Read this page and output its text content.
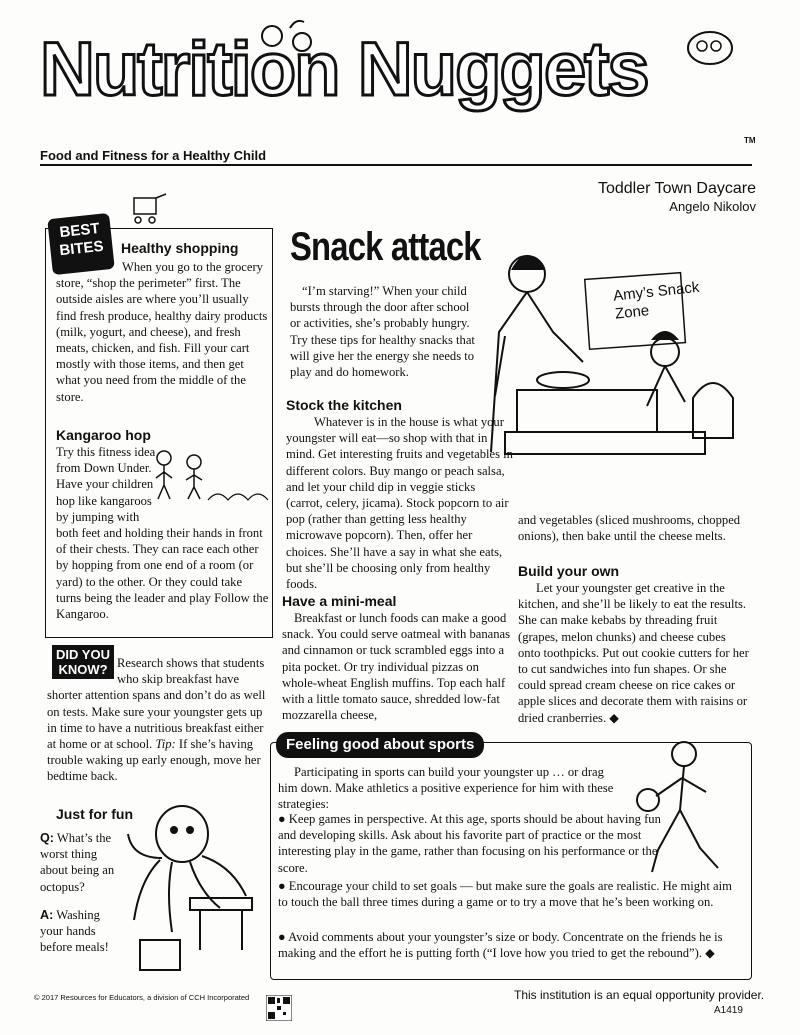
Nutrition Nuggets
Food and Fitness for a Healthy Child
TM
Toddler Town Daycare
Angelo Nikolov
BEST
BITES	Healthy shopping
When you go to the grocery store, “shop the perimeter” first. The outside aisles are where you’ll usually find fresh produce, healthy dairy products (milk, yogurt, and cheese), and fresh meats, chicken, and fish. Fill your cart mostly with those items, and then get what you need from the middle of the store.
Kangaroo hop
Try this fitness idea from Down Under. Have your children hop like kangaroos by jumping with both feet and holding their hands in front of their chests. They can race each other by hopping from one end of a room (or yard) to the other. Or they could take turns being the leader and play Follow the Kangaroo.
DID YOU
KNOW? Research shows that students who skip breakfast have shorter attention spans and don’t do as well on tests. Make sure your youngster gets up in time to have a nutritious breakfast either at home or at school. Tip: If she’s having trouble waking up early enough, move her bedtime back.
Just for fun
Q: What’s the worst thing about being an octopus?
A: Washing your hands before meals!
Snack attack
“I’m starving!” When your child bursts through the door after school or activities, she’s probably hungry. Try these tips for healthy snacks that will give her the energy she needs to play and do homework.
Amy’s Snack Zone
Stock the kitchen
Whatever is in the house is what your youngster will eat—so shop with that in mind. Get interesting fruits and vegetables in different colors. Buy mango or peach salsa, and let your child dip in veggie sticks (carrot, celery, jicama). Stock popcorn to air pop (rather than getting less healthy microwave popcorn). Then, offer her choices. She’ll have a say in what she eats, but she’ll be choosing only from healthy foods.
and vegetables (sliced mushrooms, chopped onions), then bake until the cheese melts.
Have a mini-meal
Breakfast or lunch foods can make a good snack. You could serve oatmeal with bananas and cinnamon or tuck scrambled eggs into a pita pocket. Or try individual pizzas on whole-wheat English muffins. Top each half with a little tomato sauce, shredded low-fat mozzarella cheese,
Build your own
Let your youngster get creative in the kitchen, and she’ll be likely to eat the results. She can make kebabs by threading fruit (grapes, melon chunks) and cheese cubes onto toothpicks. Put out cookie cutters for her to cut sandwiches into fun shapes. Or she could spread cream cheese on rice cakes or apple slices and decorate them with raisins or dried cranberries. ◆
Feeling good about sports
Participating in sports can build your youngster up … or drag him down. Make athletics a positive experience for him with these strategies:
● Keep games in perspective. At this age, sports should be about having fun and developing skills. Ask about his favorite part of practice or the most interesting play in the game, rather than focusing on his performance or the score.
● Encourage your child to set goals — but make sure the goals are realistic. He might aim to touch the ball three times during a game or to try a move that he’s been working on.
● Avoid comments about your youngster’s size or body. Concentrate on the friends he is making and the effort he is putting forth (“I love how you tried to get the rebound”). ◆
© 2017 Resources for Educators, a division of CCH Incorporated	This institution is an equal opportunity provider.
A1419
